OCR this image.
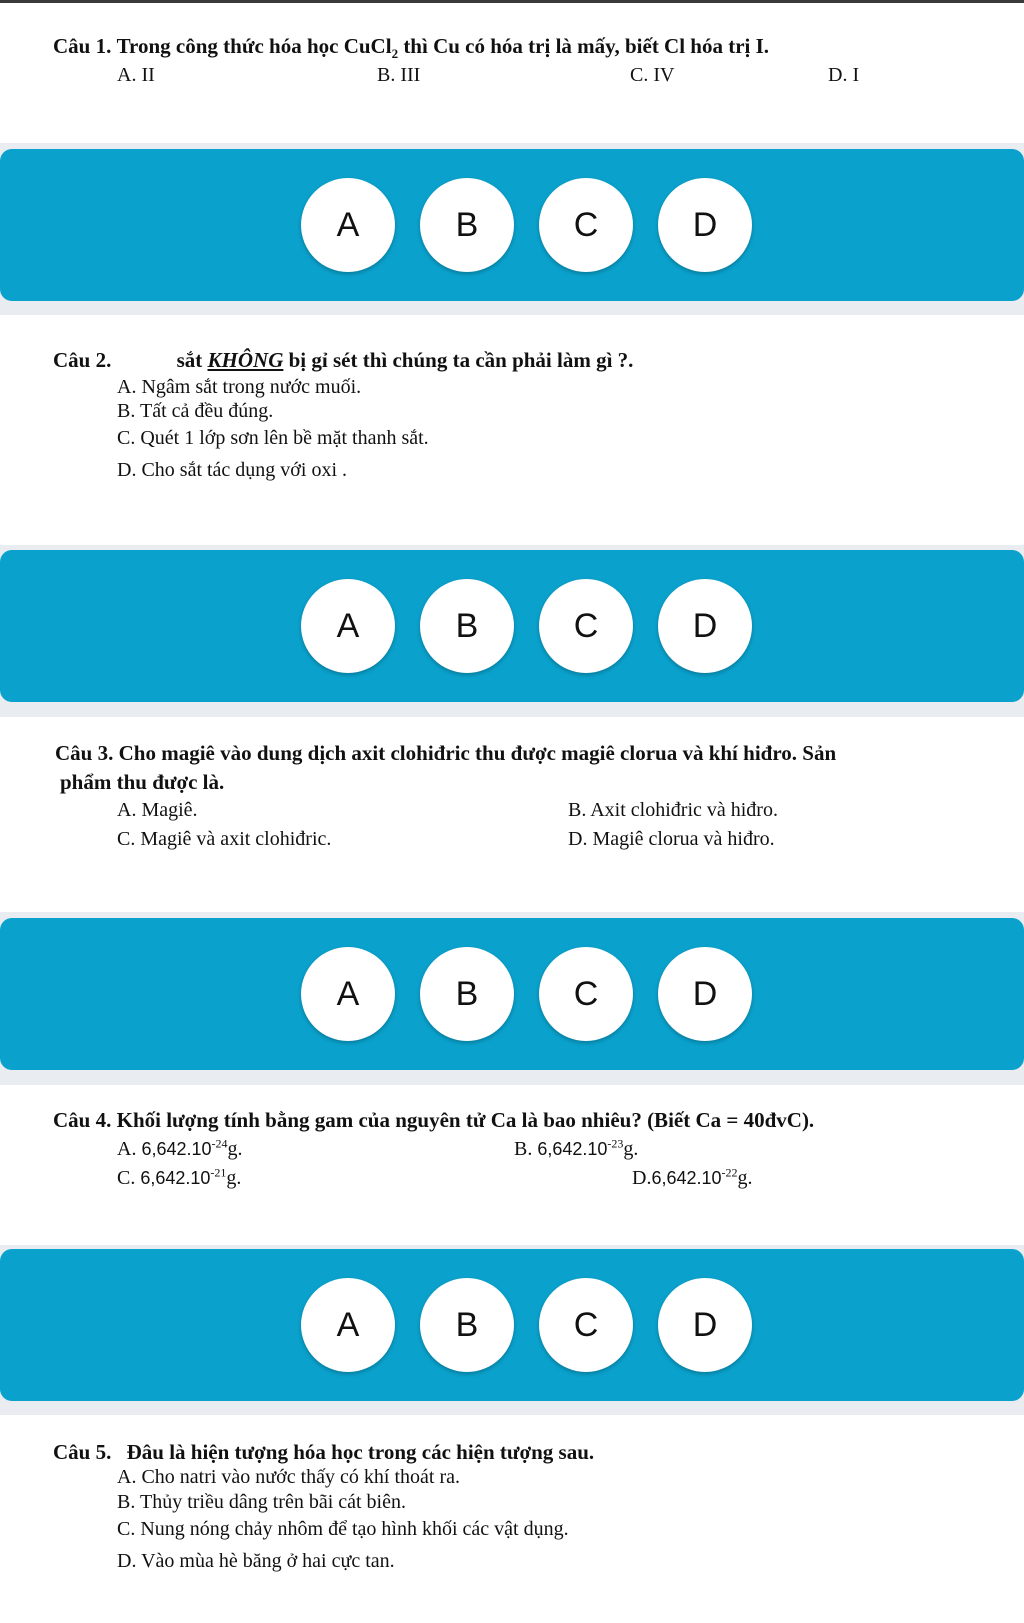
Câu 1. Trong công thức hóa học CuCl$_2$ thì Cu có hóa trị là mấy, biết Cl hóa trị I.
A. II	B. III	C. IV	D. I
A	B	C	D
Câu 2.	sắt KHÔNG bị gỉ sét thì chúng ta cần phải làm gì ?.
A. Ngâm sắt trong nước muối.
B. Tất cả đều đúng.
C. Quét 1 lớp sơn lên bề mặt thanh sắt.
D. Cho sắt tác dụng với oxi .
A	B	C	D
Câu 3. Cho magiê vào dung dịch axit clohiđric thu được magiê clorua và khí hiđro. Sản
phẩm thu được là.
A. Magiê.	B. Axit clohiđric và hiđro.
C. Magiê và axit clohiđric.	D. Magiê clorua và hiđro.
A	B	C	D
Câu 4. Khối lượng tính bằng gam của nguyên tử Ca là bao nhiêu? (Biết Ca = 40đvC).
A. $6,642.10^{-24}g$.	B. $6,642.10^{-23}g$.
C. $6,642.10^{-21}g$.	$D.6,642.10^{-22}g$.
A	B	C	D
Câu 5. Đâu là hiện tượng hóa học trong các hiện tượng sau.
A. Cho natri vào nước thấy có khí thoát ra.
B. Thủy triều dâng trên bãi cát biên.
C. Nung nóng chảy nhôm để tạo hình khối các vật dụng.
D. Vào mùa hè băng ở hai cực tan.
